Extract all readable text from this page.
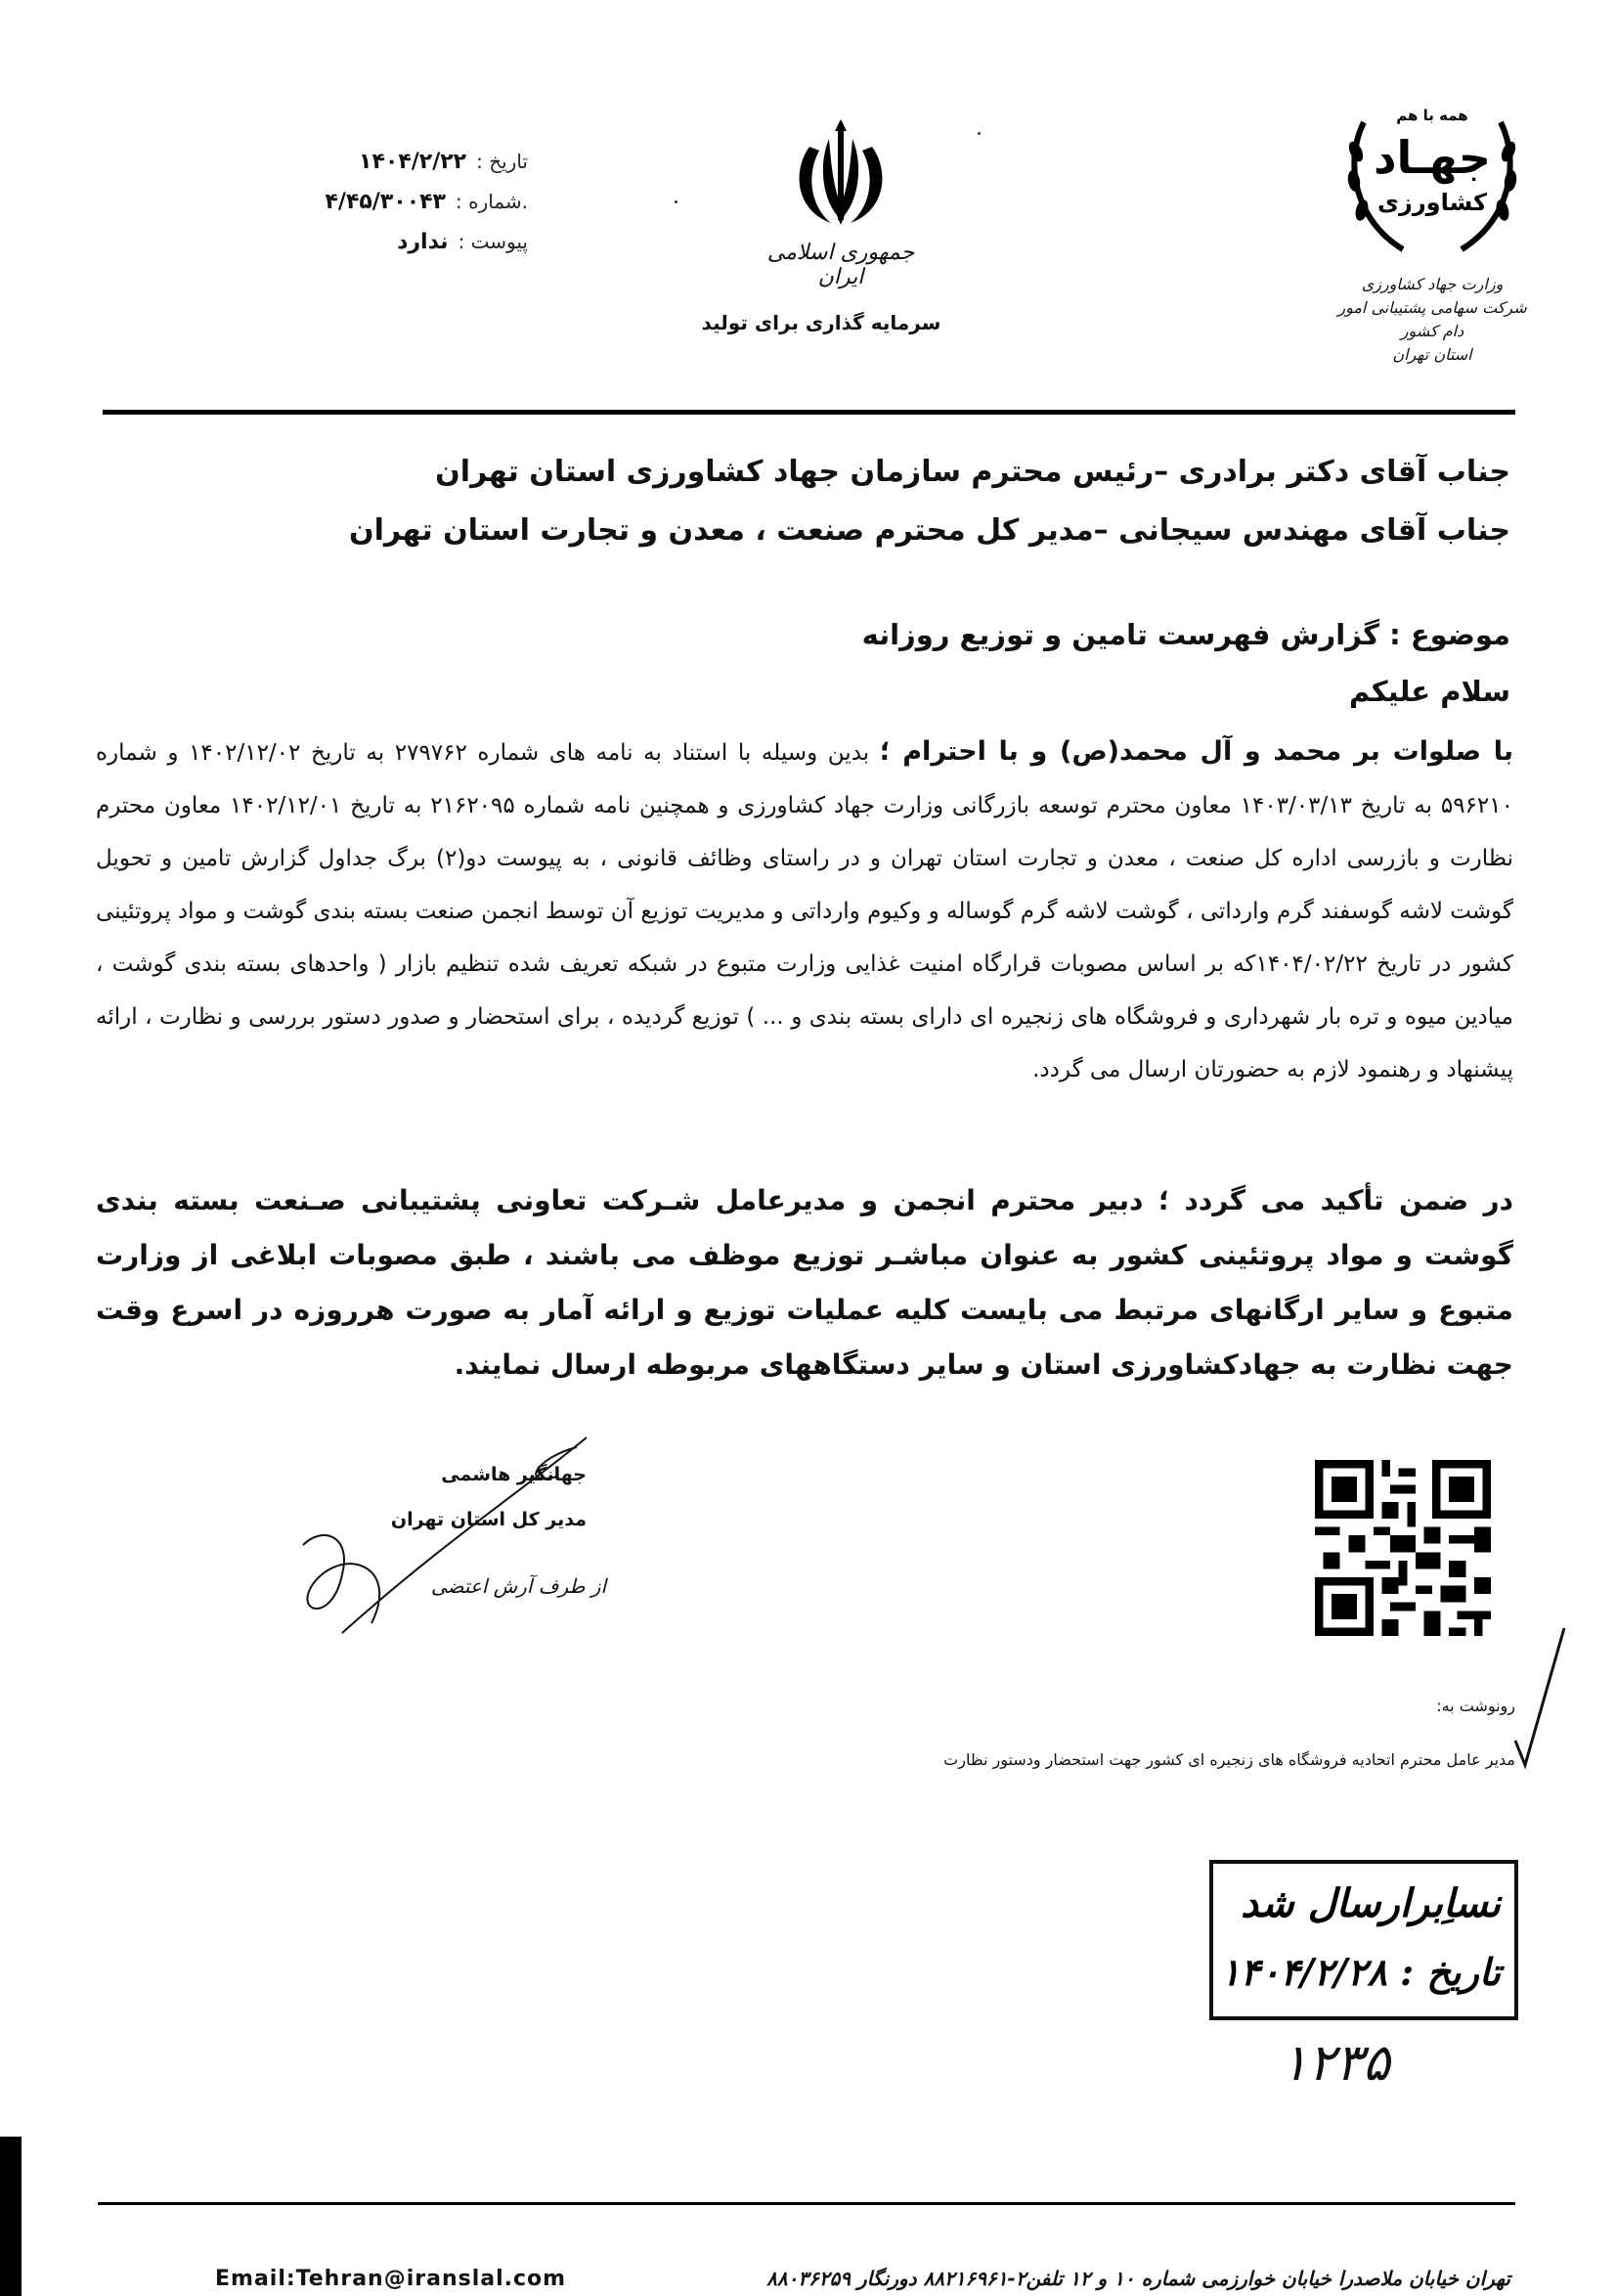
تاریخ :
۱۴۰۴/۲/۲۲
.شماره :
۴/۴۵/۳۰۰۴۳
پیوست :
ندارد	جمهوری اسلامی ایران
سرمایه گذاری برای تولید
همه با هم
جهـاد
کشاورزی
وزارت جهاد کشاورزی
شرکت سهامی پشتیبانی امور دام کشور
استان تهران
جناب آقای دکتر برادری –رئیس محترم سازمان جهاد کشاورزی استان تهران
جناب آقای مهندس سیجانی –مدیر کل محترم صنعت ، معدن و تجارت استان تهران
موضوع : گزارش فهرست تامین و توزیع روزانه
سلام علیکم
با صلوات بر محمد و آل محمد(ص) و با احترام ؛ بدین وسیله با استناد به نامه های شماره ۲۷۹۷۶۲ به تاریخ ۱۴۰۲/۱۲/۰۲ و شماره ۵۹۶۲۱۰ به تاریخ ۱۴۰۳/۰۳/۱۳ معاون محترم توسعه بازرگانی وزارت جهاد کشاورزی و همچنین نامه شماره ۲۱۶۲۰۹۵ به تاریخ ۱۴۰۲/۱۲/۰۱ معاون محترم نظارت و بازرسی اداره کل صنعت ، معدن و تجارت استان تهران و در راستای وظائف قانونی ، به پیوست دو(۲) برگ جداول گزارش تامین و تحویل گوشت لاشه گوسفند گرم وارداتی ، گوشت لاشه گرم گوساله و وکیوم وارداتی و مدیریت توزیع آن توسط انجمن صنعت بسته بندی گوشت و مواد پروتئینی کشور در تاریخ ۱۴۰۴/۰۲/۲۲که بر اساس مصوبات قرارگاه امنیت غذایی وزارت متبوع در شبکه تعریف شده تنظیم بازار ( واحدهای بسته بندی گوشت ، میادین میوه و تره بار شهرداری و فروشگاه های زنجیره ای دارای بسته بندی و ... ) توزیع گردیده ، برای استحضار و صدور دستور بررسی و نظارت ، ارائه پیشنهاد و رهنمود لازم به حضورتان ارسال می گردد.
در ضمن تأکید می گردد ؛ دبیر محترم انجمن و مدیرعامل شـرکت تعاونی پشتیبانی صـنعت بسته بندی گوشت و مواد پروتئینی کشور به عنوان مباشـر توزیع موظف می باشند ، طبق مصوبات ابلاغی از وزارت متبوع و سایر ارگانهای مرتبط می بایست کلیه عملیات توزیع و ارائه آمار به صورت هرروزه در اسرع وقت جهت نظارت به جهادکشاورزی استان و سایر دستگاههای مربوطه ارسال نمایند.
جهانگیر هاشمی
مدیر کل استان تهران
از طرف آرش اعتضی
رونوشت به:
مدیر عامل محترم اتحادیه فروشگاه های زنجیره ای کشور جهت استحضار ودستور نظارت
نساِبرارسال شد
تاریخ : ۱۴۰۴/۲/۲۸
۱۲۳۵
Email:Tehran@iranslal.com	تهران خیابان ملاصدرا خیابان خوارزمی شماره ۱۰ و ۱۲ تلفن۲-۸۸۲۱۶۹۶۱ دورنگار ۸۸۰۳۶۲۵۹
